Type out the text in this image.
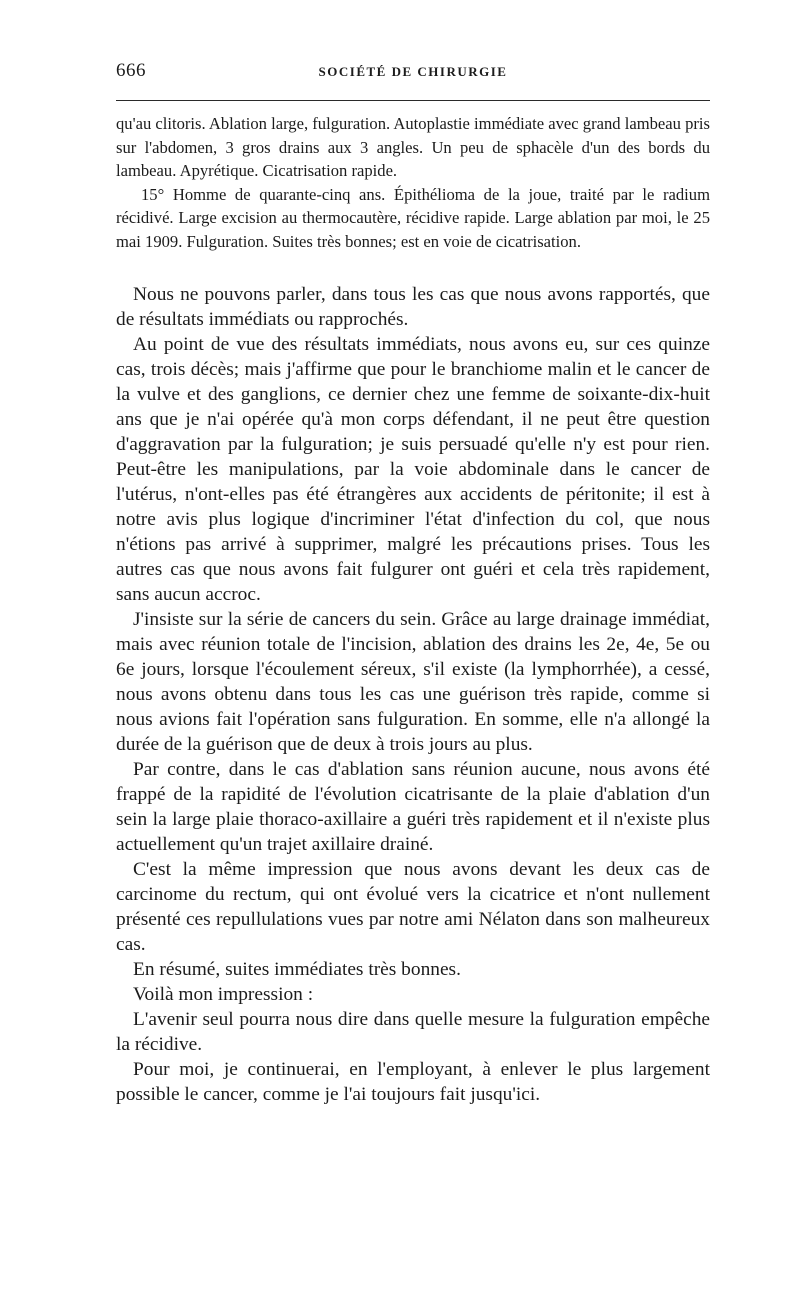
666	SOCIÉTÉ DE CHIRURGIE

qu'au clitoris. Ablation large, fulguration. Autoplastie immédiate avec grand lambeau pris sur l'abdomen, 3 gros drains aux 3 angles. Un peu de sphacèle d'un des bords du lambeau. Apyrétique. Cicatrisation rapide.

15° Homme de quarante-cinq ans. Épithélioma de la joue, traité par le radium récidivé. Large excision au thermocautère, récidive rapide. Large ablation par moi, le 25 mai 1909. Fulguration. Suites très bonnes; est en voie de cicatrisation.

Nous ne pouvons parler, dans tous les cas que nous avons rapportés, que de résultats immédiats ou rapprochés.

Au point de vue des résultats immédiats, nous avons eu, sur ces quinze cas, trois décès; mais j'affirme que pour le branchiome malin et le cancer de la vulve et des ganglions, ce dernier chez une femme de soixante-dix-huit ans que je n'ai opérée qu'à mon corps défendant, il ne peut être question d'aggravation par la fulguration; je suis persuadé qu'elle n'y est pour rien. Peut-être les manipulations, par la voie abdominale dans le cancer de l'utérus, n'ont-elles pas été étrangères aux accidents de péritonite; il est à notre avis plus logique d'incriminer l'état d'infection du col, que nous n'étions pas arrivé à supprimer, malgré les précautions prises. Tous les autres cas que nous avons fait fulgurer ont guéri et cela très rapidement, sans aucun accroc.

J'insiste sur la série de cancers du sein. Grâce au large drainage immédiat, mais avec réunion totale de l'incision, ablation des drains les 2e, 4e, 5e ou 6e jours, lorsque l'écoulement séreux, s'il existe (la lymphorrhée), a cessé, nous avons obtenu dans tous les cas une guérison très rapide, comme si nous avions fait l'opération sans fulguration. En somme, elle n'a allongé la durée de la guérison que de deux à trois jours au plus.

Par contre, dans le cas d'ablation sans réunion aucune, nous avons été frappé de la rapidité de l'évolution cicatrisante de la plaie d'ablation d'un sein la large plaie thoraco-axillaire a guéri très rapidement et il n'existe plus actuellement qu'un trajet axillaire drainé.

C'est la même impression que nous avons devant les deux cas de carcinome du rectum, qui ont évolué vers la cicatrice et n'ont nullement présenté ces repullulations vues par notre ami Nélaton dans son malheureux cas.

En résumé, suites immédiates très bonnes.

Voilà mon impression :

L'avenir seul pourra nous dire dans quelle mesure la fulguration empêche la récidive.

Pour moi, je continuerai, en l'employant, à enlever le plus largement possible le cancer, comme je l'ai toujours fait jusqu'ici.
